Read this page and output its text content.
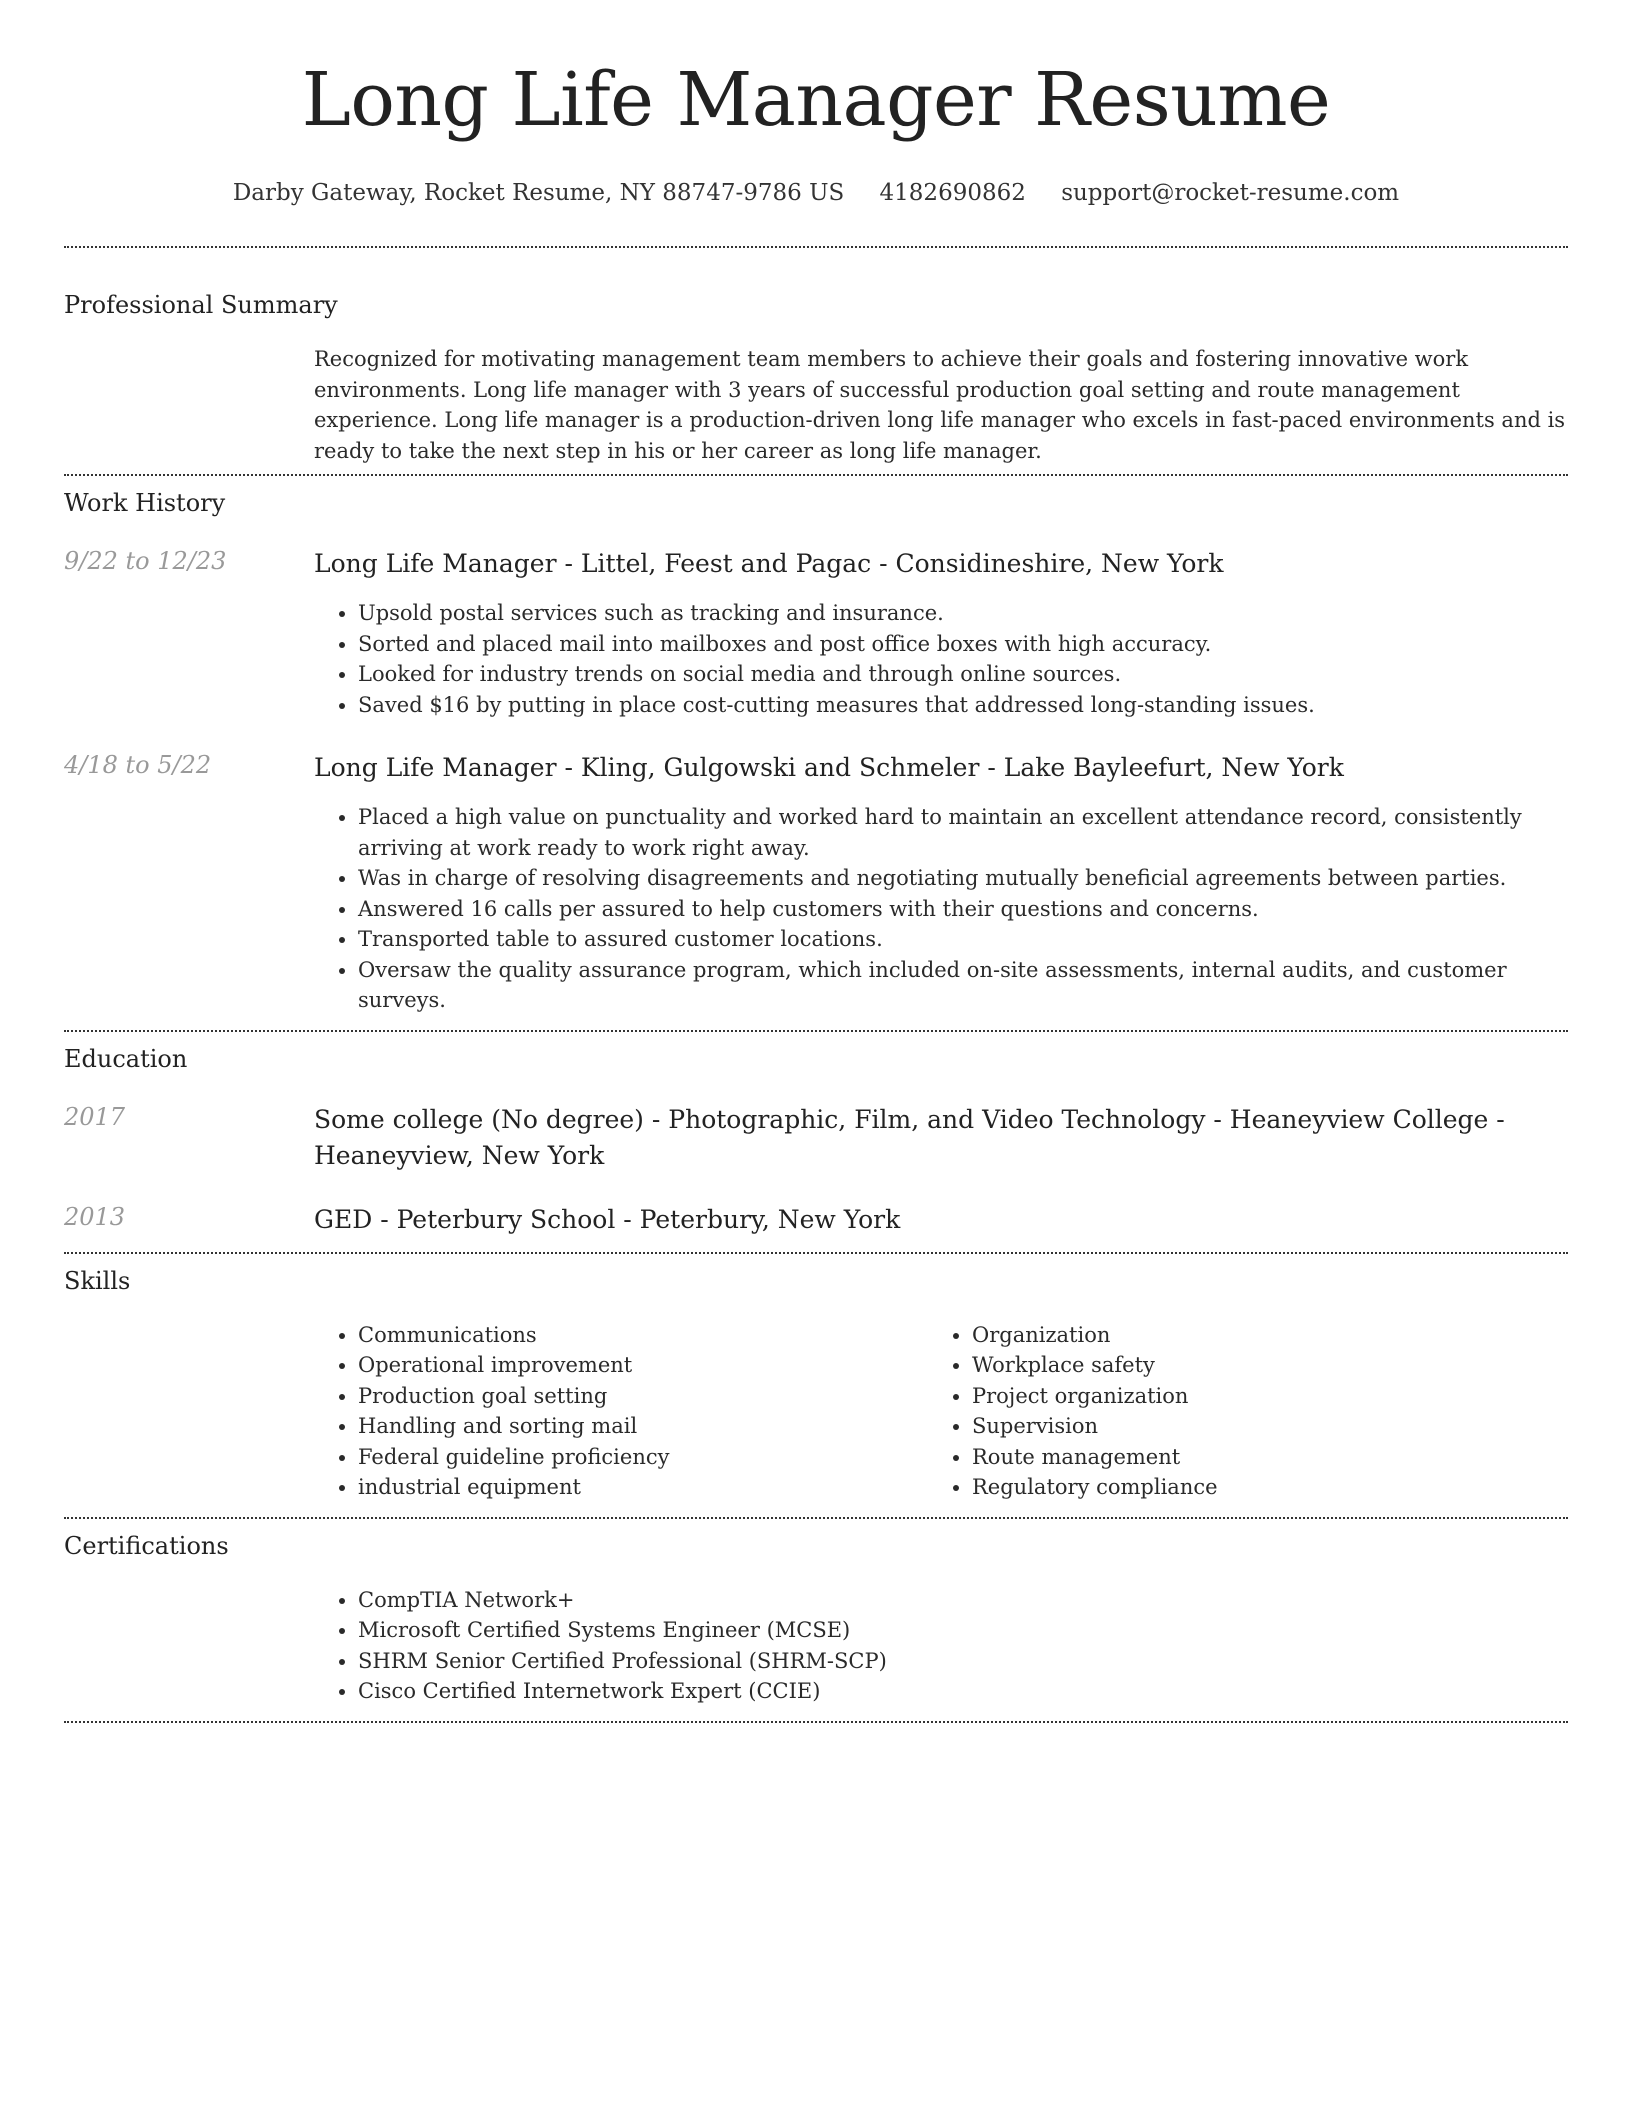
Long Life Manager Resume
Darby Gateway, Rocket Resume, NY 88747-9786 US 4182690862 support@rocket-resume.com
Professional Summary
Recognized for motivating management team members to achieve their goals and fostering innovative work environments. Long life manager with 3 years of successful production goal setting and route management experience. Long life manager is a production-driven long life manager who excels in fast-paced environments and is ready to take the next step in his or her career as long life manager.
Work History
9/22 to 12/23	Long Life Manager - Littel, Feest and Pagac - Considineshire, New York
• Upsold postal services such as tracking and insurance.
• Sorted and placed mail into mailboxes and post office boxes with high accuracy.
• Looked for industry trends on social media and through online sources.
• Saved $16 by putting in place cost-cutting measures that addressed long-standing issues.
4/18 to 5/22	Long Life Manager - Kling, Gulgowski and Schmeler - Lake Bayleefurt, New York
• Placed a high value on punctuality and worked hard to maintain an excellent attendance record, consistently arriving at work ready to work right away.
• Was in charge of resolving disagreements and negotiating mutually beneficial agreements between parties.
• Answered 16 calls per assured to help customers with their questions and concerns.
• Transported table to assured customer locations.
• Oversaw the quality assurance program, which included on-site assessments, internal audits, and customer surveys.
Education
2017	Some college (No degree) - Photographic, Film, and Video Technology - Heaneyview College - Heaneyview, New York
2013	GED - Peterbury School - Peterbury, New York
Skills
• Communications
• Operational improvement
• Production goal setting
• Handling and sorting mail
• Federal guideline proficiency
• industrial equipment
• Organization
• Workplace safety
• Project organization
• Supervision
• Route management
• Regulatory compliance
Certifications
• CompTIA Network+
• Microsoft Certified Systems Engineer (MCSE)
• SHRM Senior Certified Professional (SHRM-SCP)
• Cisco Certified Internetwork Expert (CCIE)
